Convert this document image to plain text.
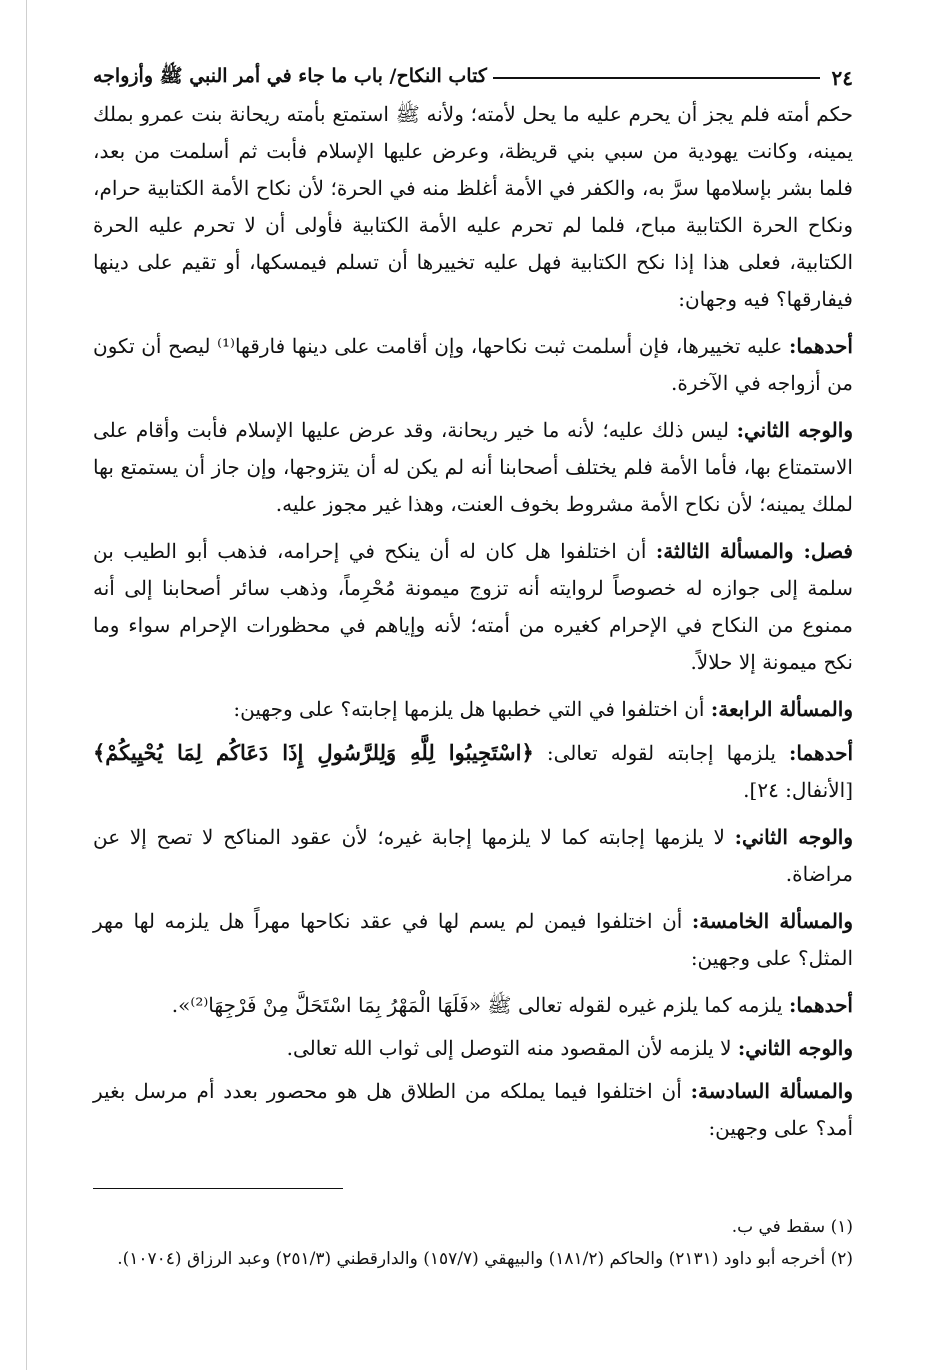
٢٤
كتاب النكاح/ باب ما جاء في أمر النبي ﷺ وأزواجه

حكم أمته فلم يجز أن يحرم عليه ما يحل لأمته؛ ولأنه ﷺ استمتع بأمته ريحانة بنت عمرو بملك يمينه، وكانت يهودية من سبي بني قريظة، وعرض عليها الإسلام فأبت ثم أسلمت من بعد، فلما بشر بإسلامها سرَّ به، والكفر في الأمة أغلظ منه في الحرة؛ لأن نكاح الأمة الكتابية حرام، ونكاح الحرة الكتابية مباح، فلما لم تحرم عليه الأمة الكتابية فأولى أن لا تحرم عليه الحرة الكتابية، فعلى هذا إذا نكح الكتابية فهل عليه تخييرها أن تسلم فيمسكها، أو تقيم على دينها فيفارقها؟ فيه وجهان:

أحدهما: عليه تخييرها، فإن أسلمت ثبت نكاحها، وإن أقامت على دينها فارقها⁽¹⁾ ليصح أن تكون من أزواجه في الآخرة.

والوجه الثاني: ليس ذلك عليه؛ لأنه ما خير ريحانة، وقد عرض عليها الإسلام فأبت وأقام على الاستمتاع بها، فأما الأمة فلم يختلف أصحابنا أنه لم يكن له أن يتزوجها، وإن جاز أن يستمتع بها لملك يمينه؛ لأن نكاح الأمة مشروط بخوف العنت، وهذا غير مجوز عليه.

فصل: والمسألة الثالثة: أن اختلفوا هل كان له أن ينكح في إحرامه، فذهب أبو الطيب بن سلمة إلى جوازه له خصوصاً لروايته أنه تزوج ميمونة مُحْرِماً، وذهب سائر أصحابنا إلى أنه ممنوع من النكاح في الإحرام كغيره من أمته؛ لأنه وإياهم في محظورات الإحرام سواء وما نكح ميمونة إلا حلالاً.

والمسألة الرابعة: أن اختلفوا في التي خطبها هل يلزمها إجابته؟ على وجهين:

أحدهما: يلزمها إجابته لقوله تعالى: ﴿اسْتَجِيبُوا لِلَّهِ وَلِلرَّسُولِ إِذَا دَعَاكُم لِمَا يُحْيِيكُمْ﴾ [الأنفال: ٢٤].

والوجه الثاني: لا يلزمها إجابته كما لا يلزمها إجابة غيره؛ لأن عقود المناكح لا تصح إلا عن مراضاة.

والمسألة الخامسة: أن اختلفوا فيمن لم يسم لها في عقد نكاحها مهراً هل يلزمه لها مهر المثل؟ على وجهين:

أحدهما: يلزمه كما يلزم غيره لقوله تعالى ﷺ «فَلَهَا الْمَهْرُ بِمَا اسْتَحَلَّ مِنْ فَرْجِهَا⁽²⁾».

والوجه الثاني: لا يلزمه لأن المقصود منه التوصل إلى ثواب الله تعالى.

والمسألة السادسة: أن اختلفوا فيما يملكه من الطلاق هل هو محصور بعدد أم مرسل بغير أمد؟ على وجهين:

(١) سقط في ب.

(٢) أخرجه أبو داود (٢١٣١) والحاكم (١٨١/٢) والبيهقي (١٥٧/٧) والدارقطني (٢٥١/٣) وعبد الرزاق (١٠٧٠٤).
